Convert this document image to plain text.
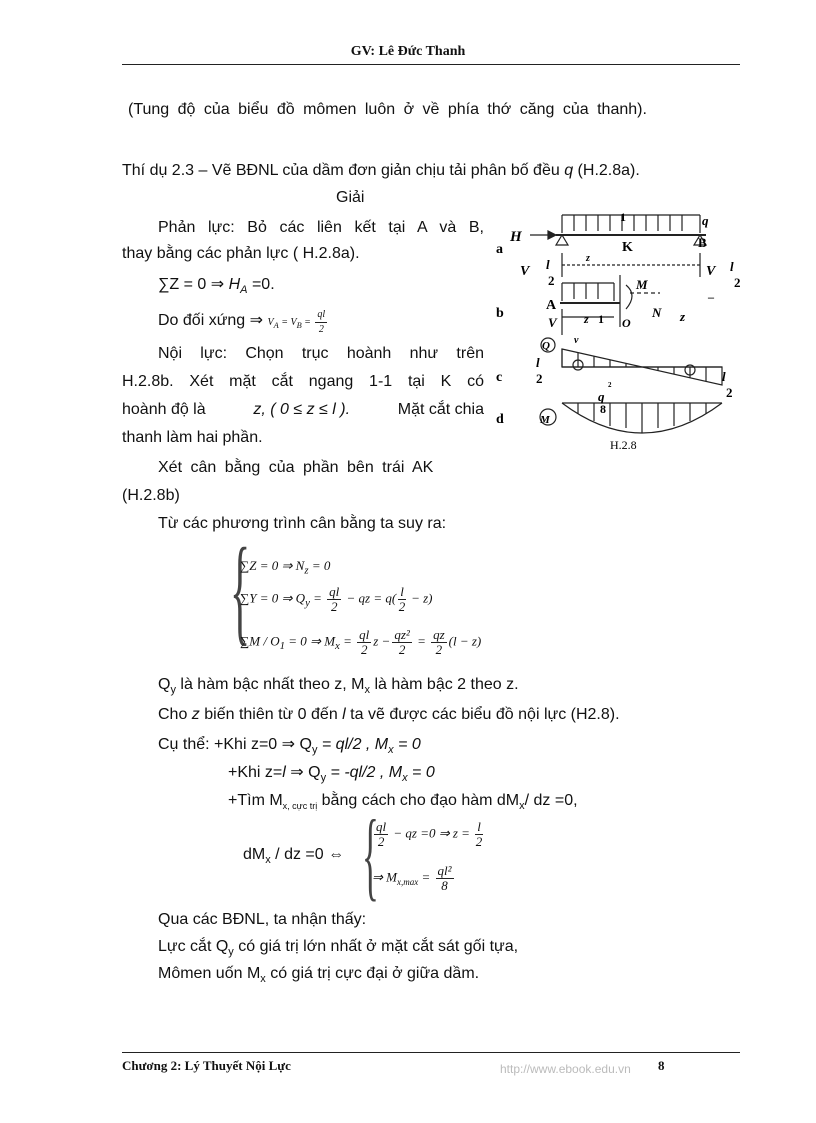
GV: Lê Đức Thanh
(Tung độ của biểu đồ mômen luôn ở về phía thớ căng của thanh).
Thí dụ 2.3 – Vẽ BĐNL của dầm đơn giản chịu tải phân bố đều q (H.2.8a).
Giải
Phản lực: Bỏ các liên kết tại A và B,
thay bằng các phản lực ( H.2.8a).
∑Z = 0 ⇒ $H_A =0$.
Do đối xứng ⇒ $V_A = V_B = \frac{ql}{2}$
Nội lực: Chọn trục hoành như trên
H.2.8b. Xét mặt cắt ngang 1-1 tại K có
hoành độ là	z, ( 0 ≤ z ≤ l ).	Mặt cắt chia
thanh làm hai phần.
Xét cân bằng của phần bên trái AK
(H.2.8b)
Từ các phương trình cân bằng ta suy ra:
{
∑Z = 0 ⇒ $N_z = 0$
∑Y = 0 ⇒ $Q_y = \frac{ql}{2}$ − qz = $q( \frac{l}{2} - z)$
$\sum M / O_1 = 0$ ⇒ $M_x = \frac{ql}{2}$ $z - \frac{\text{qz²}}{2} = \frac{qz}{2} (l - z)$
$Q_y$ là hàm bậc nhất theo z, $M_x$ là hàm bậc 2 theo z.
Cho z biến thiên từ 0 đến l ta vẽ được các biểu đồ nội lực (H2.8).
Cụ thể: +Khi z=0 ⇒ $Q_y = ql/2$ , $M_x = 0$
+Khi z=l ⇒ $Q_y = -ql/2$ , $M_x = 0$
+Tìm $M_{x, cực trị}$ bằng cách cho đạo hàm $dM_x/$ dz =0,
$dM_x$ / dz =0 ⇔ {
$\frac{ql}{2}$ − qz =0 ⇒ $z = \frac{l}{2}$
⇒ $M_{x,max} = \frac{\text{ql²}}{8}$
Qua các BĐNL, ta nhận thấy:
Lực cắt $Q_y$ có giá trị lớn nhất ở mặt cắt sát gối tựa,
Mômen uốn $M_x$ có giá trị cực đại ở giữa dầm.
a
H
K	B
q
1
V l
2
z
V l
2
b
A
V
M
N z
z 1 O
–
c
Q v
l
2	l
2
d	M
q
2
8
H.2.8
Chương 2: Lý Thuyết Nội Lực	http://www.ebook.edu.vn 8
